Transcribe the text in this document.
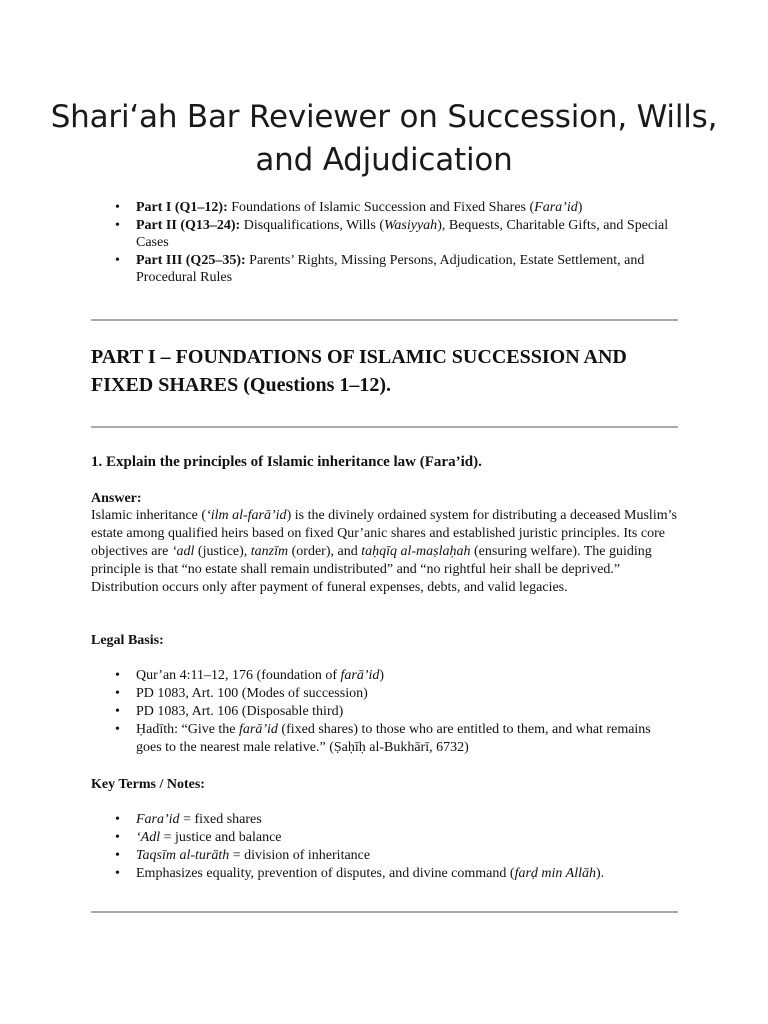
Shari‘ah Bar Reviewer on Succession, Wills, and Adjudication
• Part I (Q1–12): Foundations of Islamic Succession and Fixed Shares (Fara’id)
• Part II (Q13–24): Disqualifications, Wills (Wasiyyah), Bequests, Charitable Gifts, and Special Cases
• Part III (Q25–35): Parents’ Rights, Missing Persons, Adjudication, Estate Settlement, and Procedural Rules
PART I – FOUNDATIONS OF ISLAMIC SUCCESSION AND FIXED SHARES (Questions 1–12).
1. Explain the principles of Islamic inheritance law (Fara’id).

Answer:

Islamic inheritance (‘ilm al-farā’id) is the divinely ordained system for distributing a deceased Muslim’s estate among qualified heirs based on fixed Qur’anic shares and established juristic principles. Its core objectives are ‘adl (justice), tanzīm (order), and taḥqīq al-maṣlaḥah (ensuring welfare). The guiding principle is that “no estate shall remain undistributed” and “no rightful heir shall be deprived.” Distribution occurs only after payment of funeral expenses, debts, and valid legacies.

Legal Basis:

• Qur’an 4:11–12, 176 (foundation of farā’id)
• PD 1083, Art. 100 (Modes of succession)
• PD 1083, Art. 106 (Disposable third)
• Ḥadīth: “Give the farā’id (fixed shares) to those who are entitled to them, and what remains goes to the nearest male relative.” (Ṣaḥīḥ al-Bukhārī, 6732)

Key Terms / Notes:

• Fara’id = fixed shares
• ‘Adl = justice and balance
• Taqsīm al-turāth = division of inheritance
• Emphasizes equality, prevention of disputes, and divine command (farḍ min Allāh).
